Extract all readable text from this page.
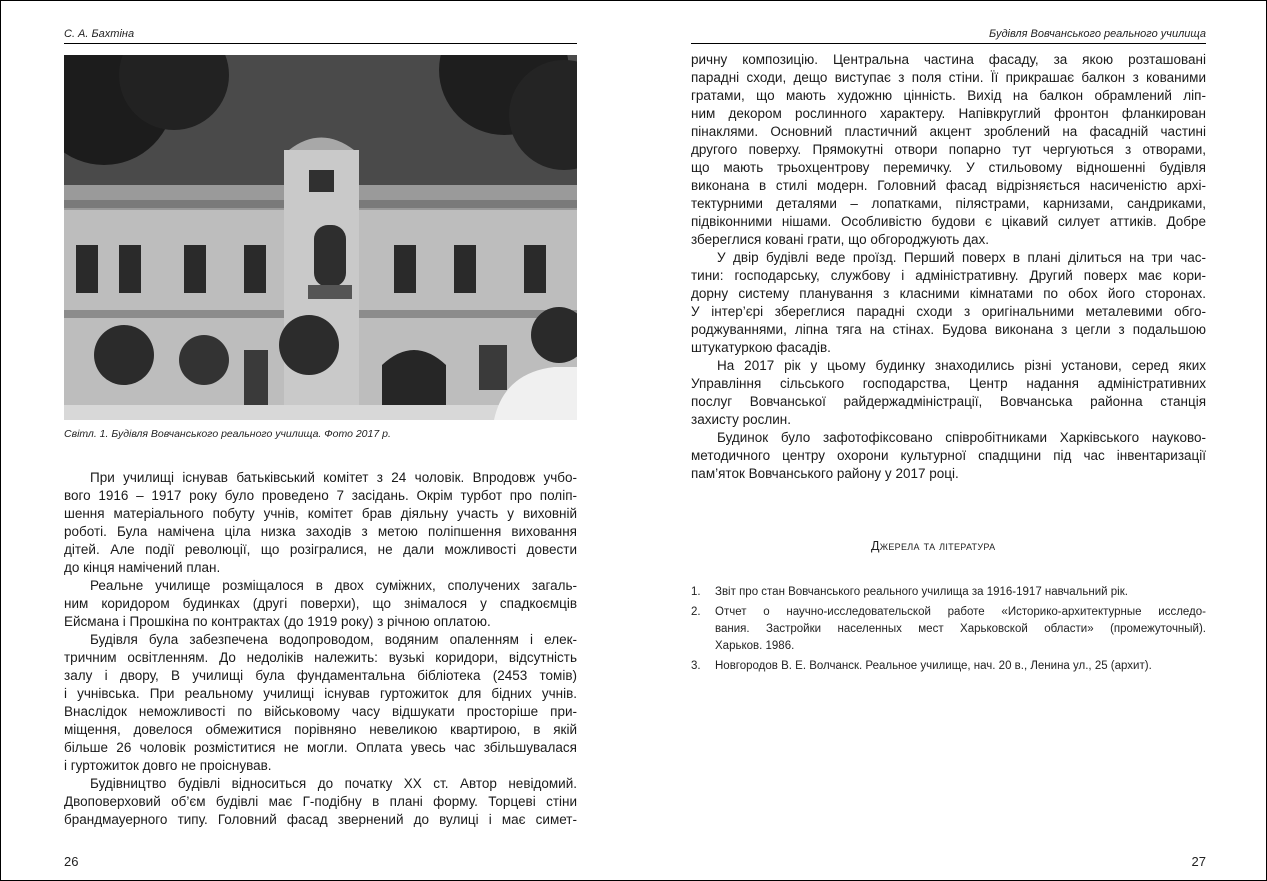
С. А. Бахтіна
Світл. 1. Будівля Вовчанського реального училища. Фото 2017 р.
При училищі існував батьківський комітет з 24 чоловік. Впродовж учбо-
вого 1916 – 1917 року було проведено 7 засідань. Окрім турбот про поліп-
шення матеріального побуту учнів, комітет брав діяльну участь у виховній
роботі. Була намічена ціла низка заходів з метою поліпшення виховання
дітей. Але події революції, що розігралися, не дали можливості довести
до кінця намічений план.
Реальне училище розміщалося в двох суміжних, сполучених загаль-
ним коридором будинках (другі поверхи), що знімалося у спадкоємців
Ейсмана і Прошкіна по контрактах (до 1919 року) з річною оплатою.
Будівля була забезпечена водопроводом, водяним опаленням і елек-
тричним освітленням. До недоліків належить: вузькі коридори, відсутність
залу і двору, В училищі була фундаментальна бібліотека (2453 томів)
і учнівська. При реальному училищі існував гуртожиток для бідних учнів.
Внаслідок неможливості по військовому часу відшукати просторіше при-
міщення, довелося обмежитися порівняно невеликою квартирою, в якій
більше 26 чоловік розміститися не могли. Оплата увесь час збільшувалася
і гуртожиток довго не проіснував.
Будівництво будівлі відноситься до початку XX ст. Автор невідомий.
Двоповерховий об’єм будівлі має Г-подібну в плані форму. Торцеві стіни
брандмауерного типу. Головний фасад звернений до вулиці і має симет-
26
Будівля Вовчанського реального училища
27
ричну композицію. Центральна частина фасаду, за якою розташовані
парадні сходи, дещо виступає з поля стіни. Її прикрашає балкон з кованими
гратами, що мають художню цінність. Вихід на балкон обрамлений ліп-
ним декором рослинного характеру. Напівкруглий фронтон фланкирован
пінаклями. Основний пластичний акцент зроблений на фасадній частині
другого поверху. Прямокутні отвори попарно тут чергуються з отворами,
що мають трьохцентрову перемичку. У стильовому відношенні будівля
виконана в стилі модерн. Головний фасад відрізняється насиченістю архі-
тектурними деталями – лопатками, пілястрами, карнизами, сандриками,
підвіконними нішами. Особливістю будови є цікавий силует аттиків. Добре
збереглися ковані грати, що обгороджують дах.
У двір будівлі веде проїзд. Перший поверх в плані ділиться на три час-
тини: господарську, службову і адміністративну. Другий поверх має кори-
дорну систему планування з класними кімнатами по обох його сторонах.
У інтер’єрі збереглися парадні сходи з оригінальними металевими обго-
роджуваннями, ліпна тяга на стінах. Будова виконана з цегли з подальшою
штукатуркою фасадів.
На 2017 рік у цьому будинку знаходились різні установи, серед яких
Управління сільського господарства, Центр надання адміністративних
послуг Вовчанської райдержадміністрації, Вовчанська районна станція
захисту рослин.
Будинок було зафотофіксовано співробітниками Харківського науково-
методичного центру охорони культурної спадщини під час інвентаризації
пам’яток Вовчанського району у 2017 році.
Джерела та література
1. Звіт про стан Вовчанського реального училища за 1916-1917 навчальний рік.
2. Отчет о научно-исследовательской работе «Историко-архитектурные исследо-
вания. Застройки населенных мест Харьковской области» (промежуточный).
Харьков. 1986.
3. Новгородов В. Е. Волчанск. Реальное училище, нач. 20 в., Ленина ул., 25 (архит).
